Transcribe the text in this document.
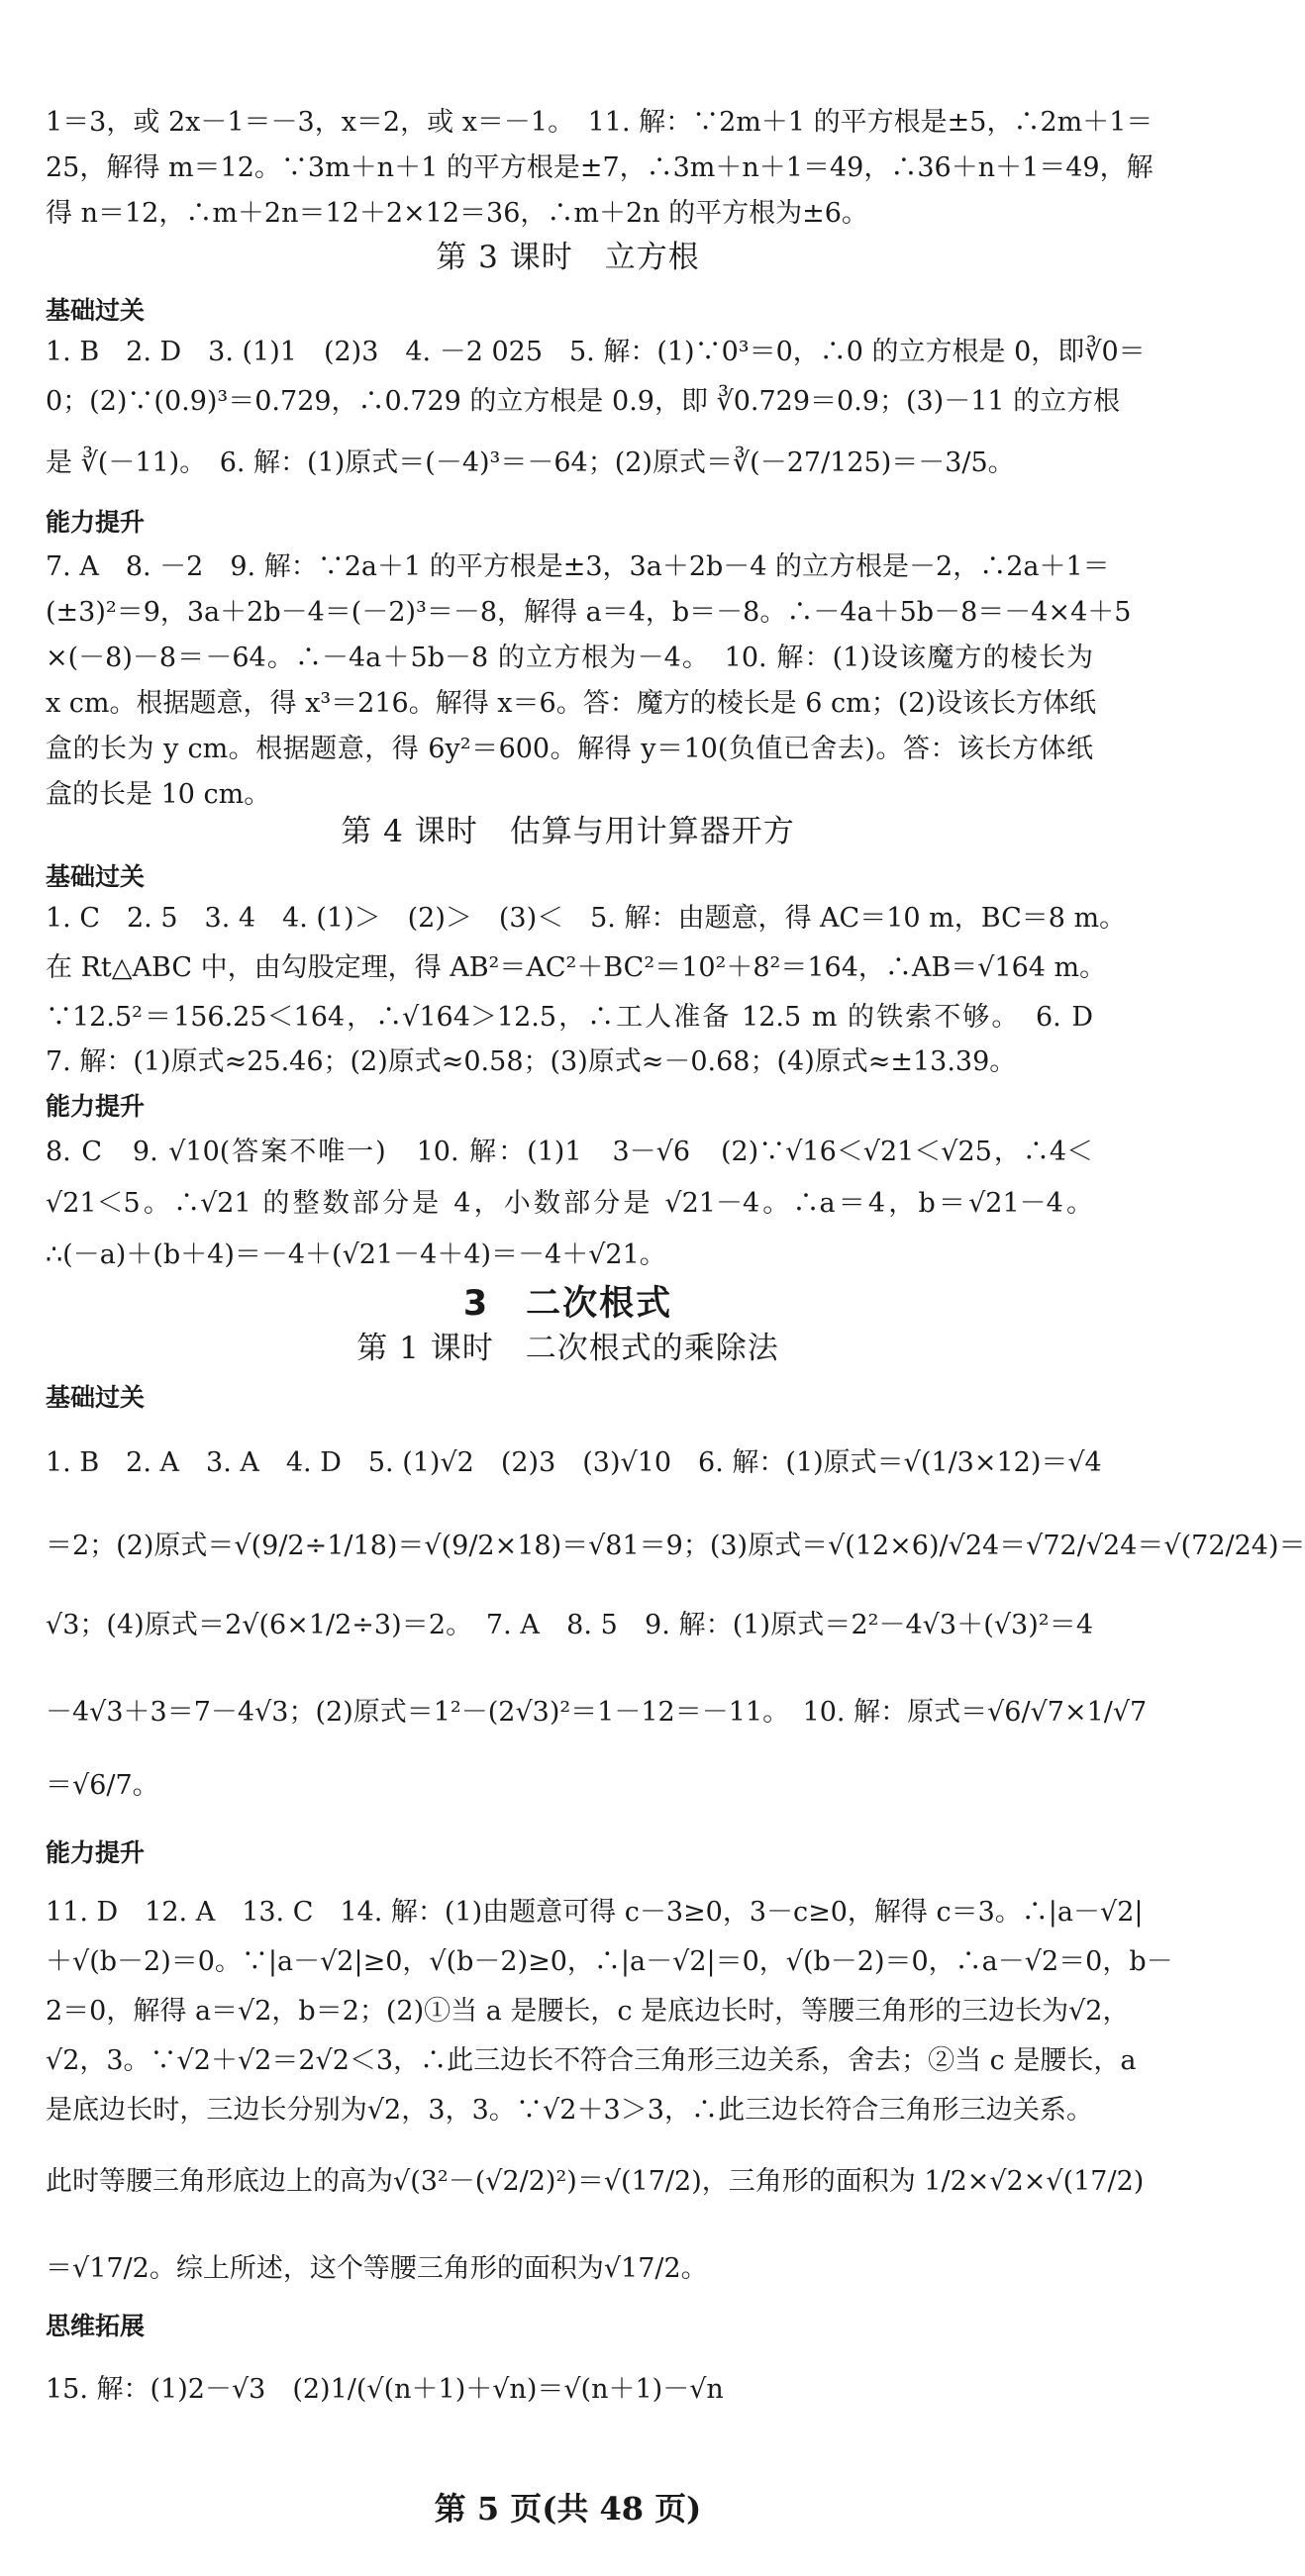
1＝3，或 2x－1＝－3，x＝2，或 x＝－1。　11. 解：∵2m＋1 的平方根是±5，∴2m＋1＝
25，解得 m＝12。∵3m＋n＋1 的平方根是±7，∴3m＋n＋1＝49，∴36＋n＋1＝49，解
得 n＝12，∴m＋2n＝12＋2×12＝36，∴m＋2n 的平方根为±6。
第 3 课时　立方根
基础过关
1. B　2. D　3. (1)1　(2)3　4. －2 025　5. 解：(1)∵0³＝0，∴0 的立方根是 0，即∛0＝
0；(2)∵(0.9)³＝0.729，∴0.729 的立方根是 0.9，即 ∛0.729＝0.9；(3)－11 的立方根
是 ∛(－11)。　6. 解：(1)原式＝(－4)³＝－64；(2)原式＝∛(－27/125)＝－3/5。
能力提升
7. A　8. －2　9. 解：∵2a＋1 的平方根是±3，3a＋2b－4 的立方根是－2，∴2a＋1＝
(±3)²＝9，3a＋2b－4＝(－2)³＝－8，解得 a＝4，b＝－8。∴－4a＋5b－8＝－4×4＋5
×(－8)－8＝－64。∴－4a＋5b－8 的立方根为－4。　10. 解：(1)设该魔方的棱长为
x cm。根据题意，得 x³＝216。解得 x＝6。答：魔方的棱长是 6 cm；(2)设该长方体纸
盒的长为 y cm。根据题意，得 6y²＝600。解得 y＝10(负值已舍去)。答：该长方体纸
盒的长是 10 cm。
第 4 课时　估算与用计算器开方
基础过关
1. C　2. 5　3. 4　4. (1)＞　(2)＞　(3)＜　5. 解：由题意，得 AC＝10 m，BC＝8 m。
在 Rt△ABC 中，由勾股定理，得 AB²＝AC²＋BC²＝10²＋8²＝164，∴AB＝√164 m。
∵12.5²＝156.25＜164，∴√164＞12.5，∴工人准备 12.5 m 的铁索不够。　6. D
7. 解：(1)原式≈25.46；(2)原式≈0.58；(3)原式≈－0.68；(4)原式≈±13.39。
能力提升
8. C　9. √10(答案不唯一)　10. 解：(1)1　3－√6　(2)∵√16＜√21＜√25，∴4＜
√21＜5。∴√21 的整数部分是 4，小数部分是 √21－4。∴a＝4，b＝√21－4。
∴(－a)＋(b＋4)＝－4＋(√21－4＋4)＝－4＋√21。
3　二次根式
第 1 课时　二次根式的乘除法
基础过关
1. B　2. A　3. A　4. D　5. (1)√2　(2)3　(3)√10　6. 解：(1)原式＝√(1/3×12)＝√4
＝2；(2)原式＝√(9/2÷1/18)＝√(9/2×18)＝√81＝9；(3)原式＝√(12×6)/√24＝√72/√24＝√(72/24)＝
√3；(4)原式＝2√(6×1/2÷3)＝2。　7. A　8. 5　9. 解：(1)原式＝2²－4√3＋(√3)²＝4
－4√3＋3＝7－4√3；(2)原式＝1²－(2√3)²＝1－12＝－11。　10. 解：原式＝√6/√7×1/√7
＝√6/7。
能力提升
11. D　12. A　13. C　14. 解：(1)由题意可得 c－3≥0，3－c≥0，解得 c＝3。∴|a－√2|
＋√(b－2)＝0。∵|a－√2|≥0，√(b－2)≥0，∴|a－√2|＝0，√(b－2)＝0，∴a－√2＝0，b－
2＝0，解得 a＝√2，b＝2；(2)①当 a 是腰长，c 是底边长时，等腰三角形的三边长为√2，
√2，3。∵√2＋√2＝2√2＜3，∴此三边长不符合三角形三边关系，舍去；②当 c 是腰长，a
是底边长时，三边长分别为√2，3，3。∵√2＋3＞3，∴此三边长符合三角形三边关系。
此时等腰三角形底边上的高为√(3²－(√2/2)²)＝√(17/2)，三角形的面积为 1/2×√2×√(17/2)
＝√17/2。综上所述，这个等腰三角形的面积为√17/2。
思维拓展
15. 解：(1)2－√3　(2)1/(√(n＋1)＋√n)＝√(n＋1)－√n
第 5 页(共 48 页)
